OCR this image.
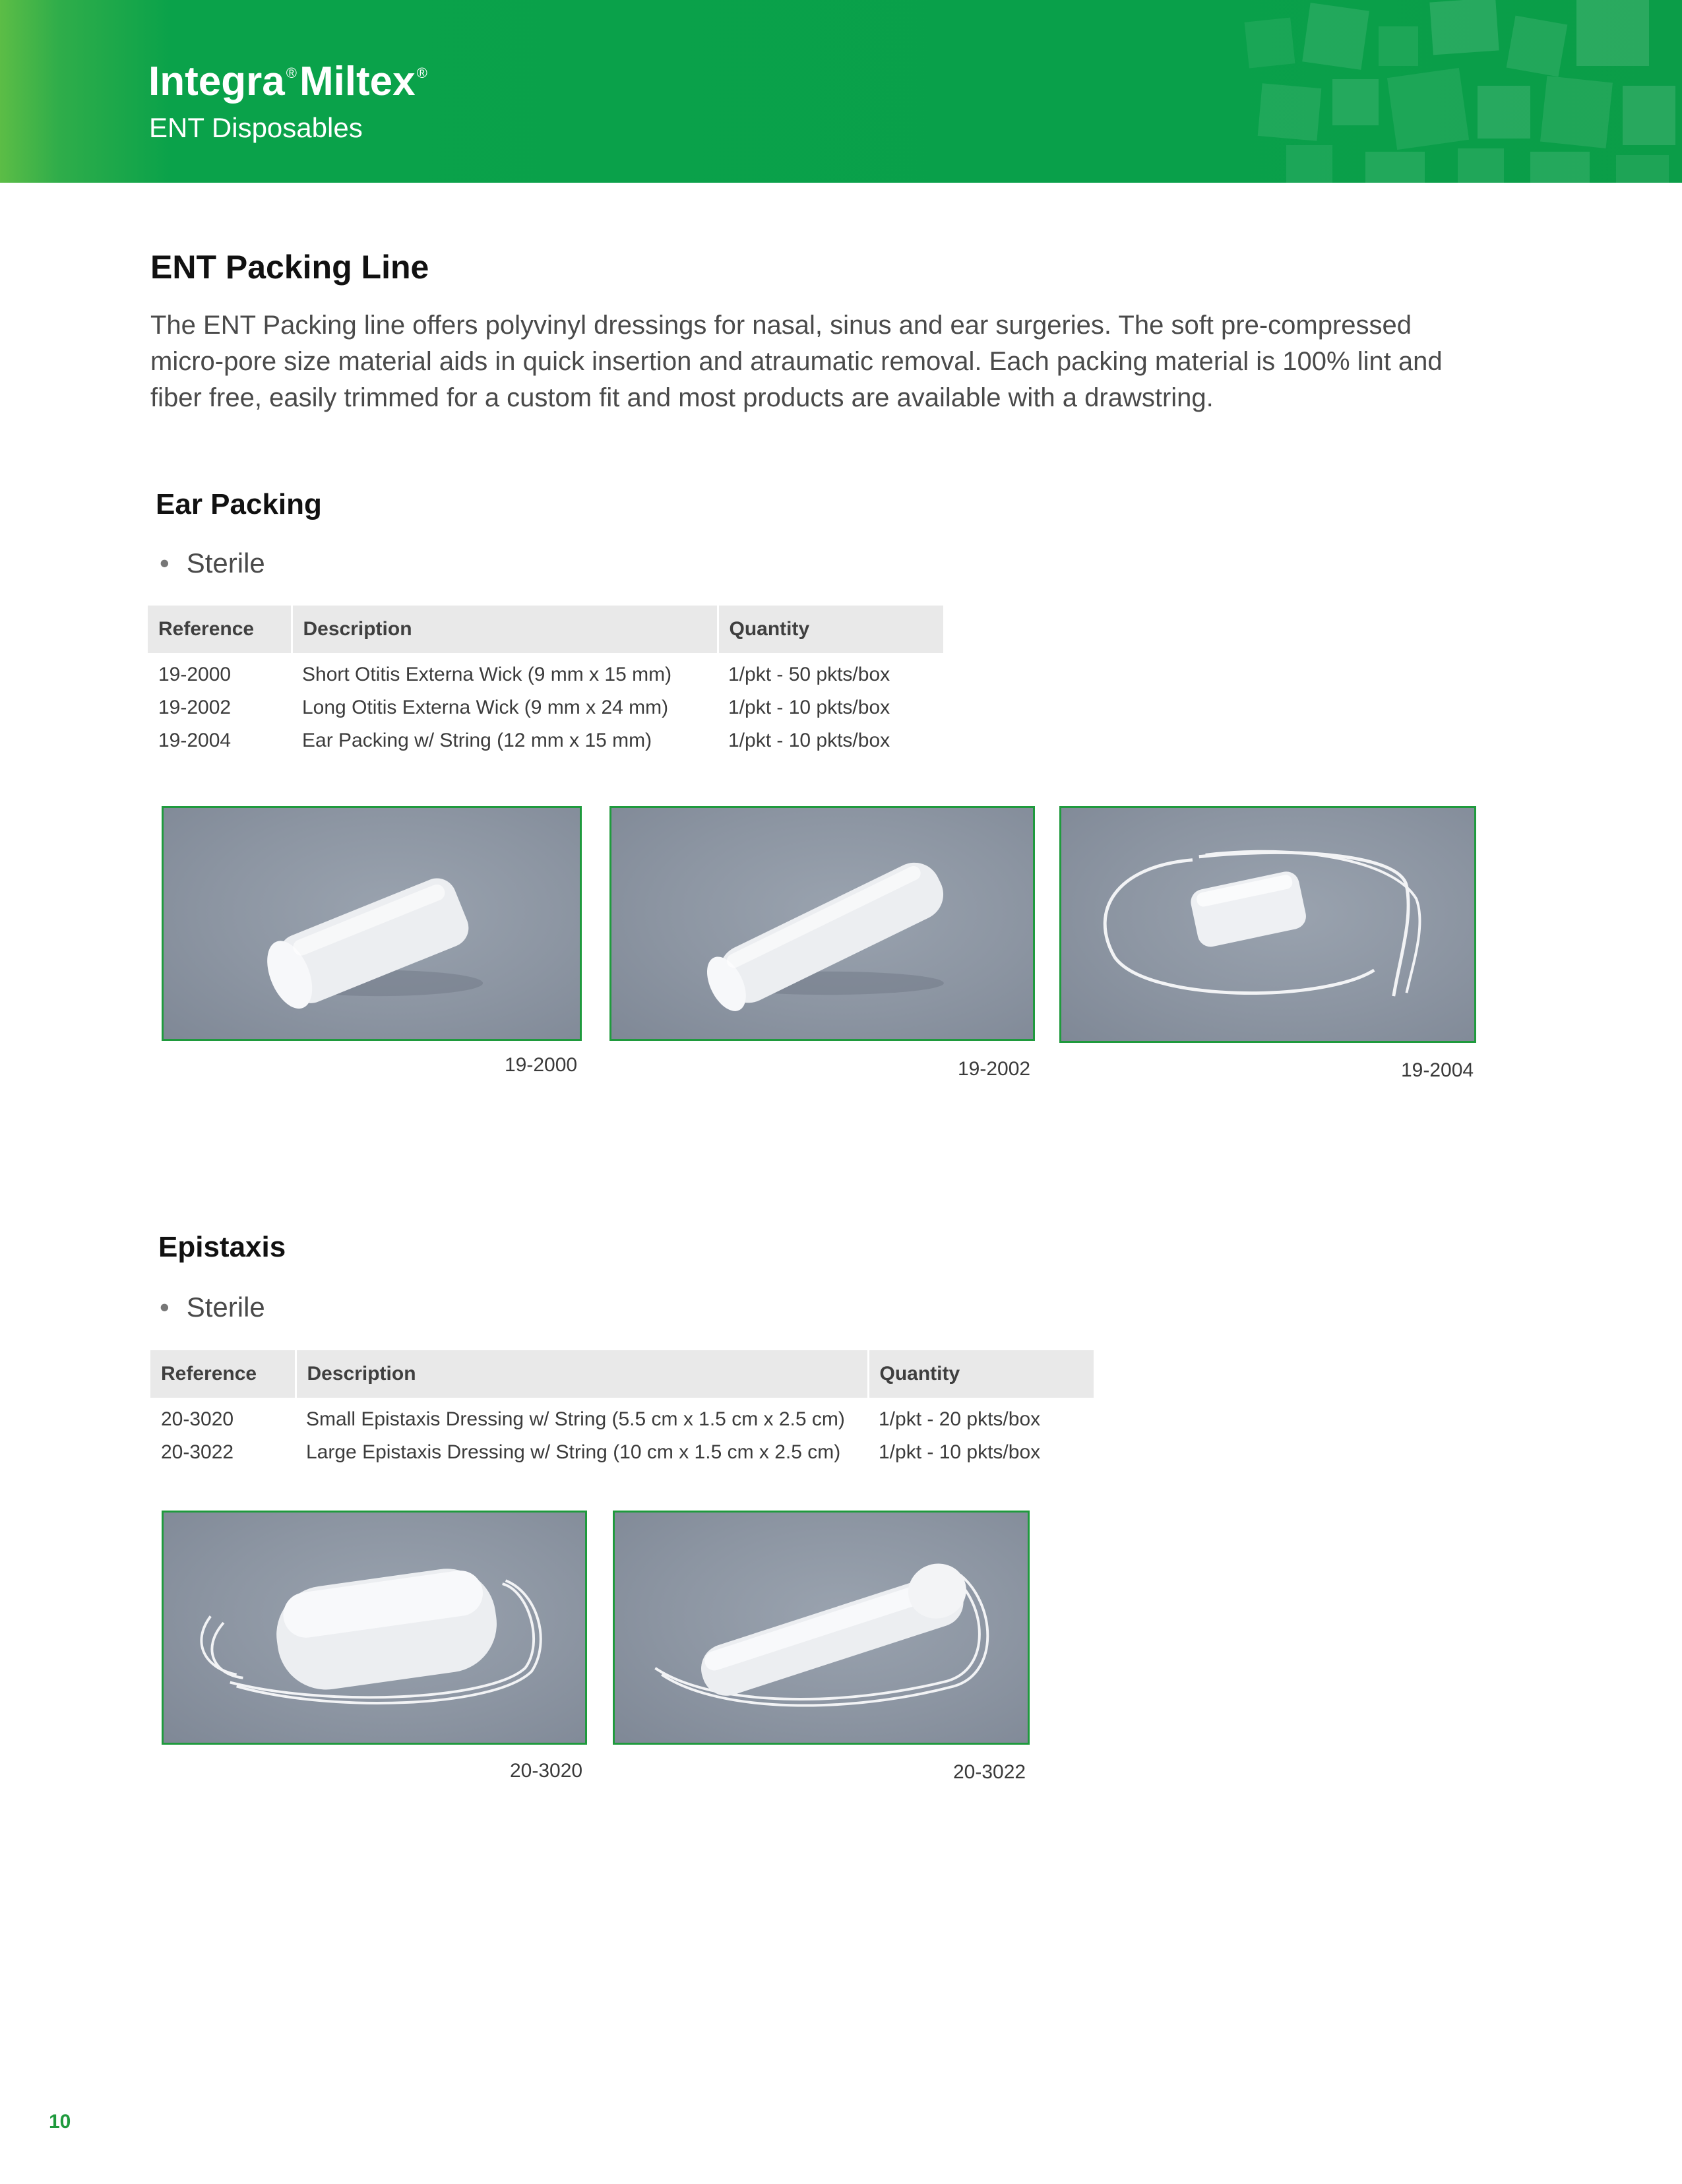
Integra®Miltex®
ENT Disposables
ENT Packing Line

The ENT Packing line offers polyvinyl dressings for nasal, sinus and ear surgeries. The soft pre-compressed micro-pore size material aids in quick insertion and atraumatic removal. Each packing material is 100% lint and fiber free, easily trimmed for a custom fit and most products are available with a drawstring.

Ear Packing
• Sterile
Reference	Description	Quantity
19-2000	Short Otitis Externa Wick (9 mm x 15 mm)	1/pkt - 50 pkts/box
19-2002	Long Otitis Externa Wick (9 mm x 24 mm)	1/pkt - 10 pkts/box
19-2004	Ear Packing w/ String (12 mm x 15 mm)	1/pkt - 10 pkts/box
19-2000	19-2002	19-2004
Epistaxis
• Sterile
Reference	Description	Quantity
20-3020	Small Epistaxis Dressing w/ String (5.5 cm x 1.5 cm x 2.5 cm)	1/pkt - 20 pkts/box
20-3022	Large Epistaxis Dressing w/ String (10 cm x 1.5 cm x 2.5 cm)	1/pkt - 10 pkts/box
20-3020	20-3022
10
